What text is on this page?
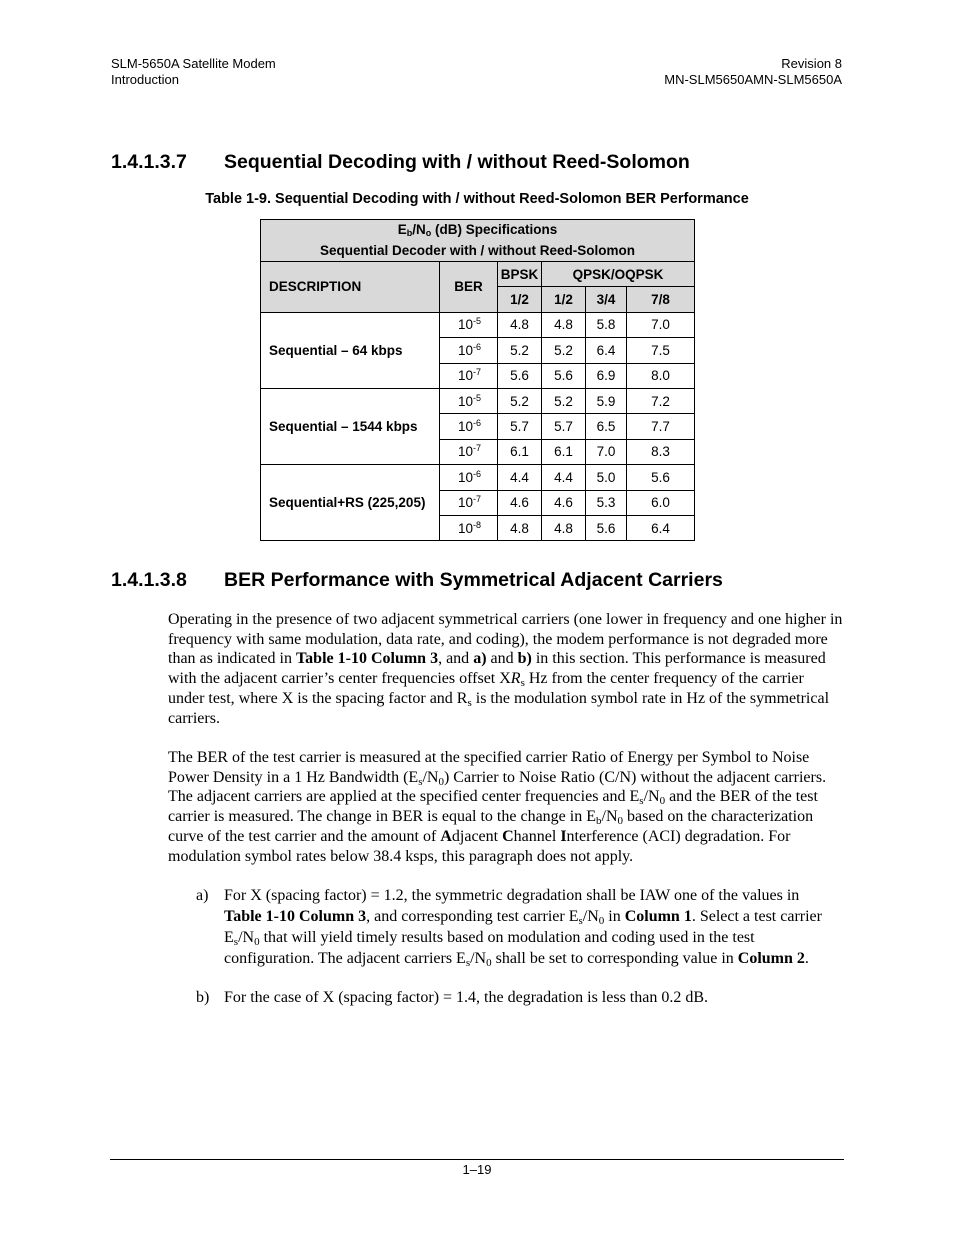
SLM-5650A Satellite Modem
Introduction
Revision 8
MN-SLM5650AMN-SLM5650A
1.4.1.3.7 Sequential Decoding with / without Reed-Solomon
Table 1-9. Sequential Decoding with / without Reed-Solomon BER Performance
$E_b/N_o$ (dB) Specifications
Sequential Decoder with / without Reed-Solomon					

DESCRIPTION	BER	BPSK	QPSK/OQPSK		
		1/2	1/2	3/4	7/8
Sequential – 64 kbps	$10^{-5}$	4.8	4.8	5.8	7.0
	$10^{-6}$	5.2	5.2	6.4	7.5
	$10^{-7}$	5.6	5.6	6.9	8.0
Sequential – 1544 kbps	$10^{-5}$	5.2	5.2	5.9	7.2
	$10^{-6}$	5.7	5.7	6.5	7.7
	$10^{-7}$	6.1	6.1	7.0	8.3
Sequential+RS (225,205)	$10^{-6}$	4.4	4.4	5.0	5.6
	$10^{-7}$	4.6	4.6	5.3	6.0
	$10^{-8}$	4.8	4.8	5.6	6.4
1.4.1.3.8 BER Performance with Symmetrical Adjacent Carriers
Operating in the presence of two adjacent symmetrical carriers (one lower in frequency and one higher in frequency with same modulation, data rate, and coding), the modem performance is not degraded more than as indicated in Table 1-10 Column 3, and a) and b) in this section. This performance is measured with the adjacent carrier’s center frequencies offset $XR_s$ Hz from the center frequency of the carrier under test, where X is the spacing factor and $R_s$ is the modulation symbol rate in Hz of the symmetrical carriers.
The BER of the test carrier is measured at the specified carrier Ratio of Energy per Symbol to Noise Power Density in a 1 Hz Bandwidth $(E_s/N_0)$ Carrier to Noise Ratio (C/N) without the adjacent carriers. The adjacent carriers are applied at the specified center frequencies and $E_s/N_0$ and the BER of the test carrier is measured. The change in BER is equal to the change in $E_b/N_0$ based on the characterization curve of the test carrier and the amount of Adjacent Channel Interference (ACI) degradation. For modulation symbol rates below 38.4 ksps, this paragraph does not apply.
a) For X (spacing factor) = 1.2, the symmetric degradation shall be IAW one of the values in Table 1-10 Column 3, and corresponding test carrier $E_s/N_0$ in Column 1. Select a test carrier $E_s/N_0$ that will yield timely results based on modulation and coding used in the test configuration. The adjacent carriers $E_s/N_0$ shall be set to corresponding value in Column 2.
b) For the case of X (spacing factor) = 1.4, the degradation is less than 0.2 dB.
1–19
